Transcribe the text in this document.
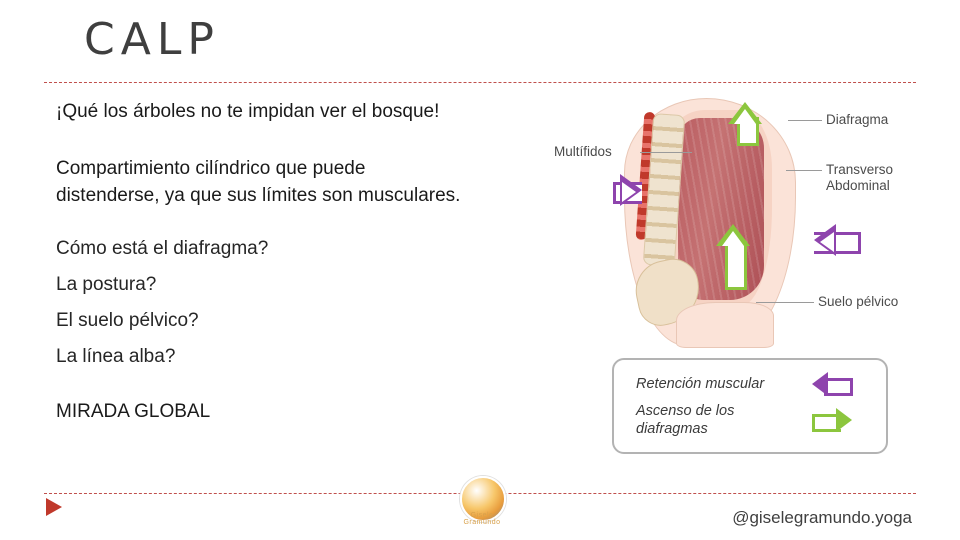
CALP
¡Qué los árboles no te impidan ver el bosque!
Compartimiento cilíndrico que puede
distenderse, ya que sus límites son musculares.
Cómo está el diafragma?
La postura?
El suelo pélvico?
La línea alba?
MIRADA GLOBAL
Multífidos
Diafragma
Transverso Abdominal
Suelo pélvico
Retención muscular
Ascenso de los diafragmas
Gisele Gramundo	@giselegramundo.yoga
